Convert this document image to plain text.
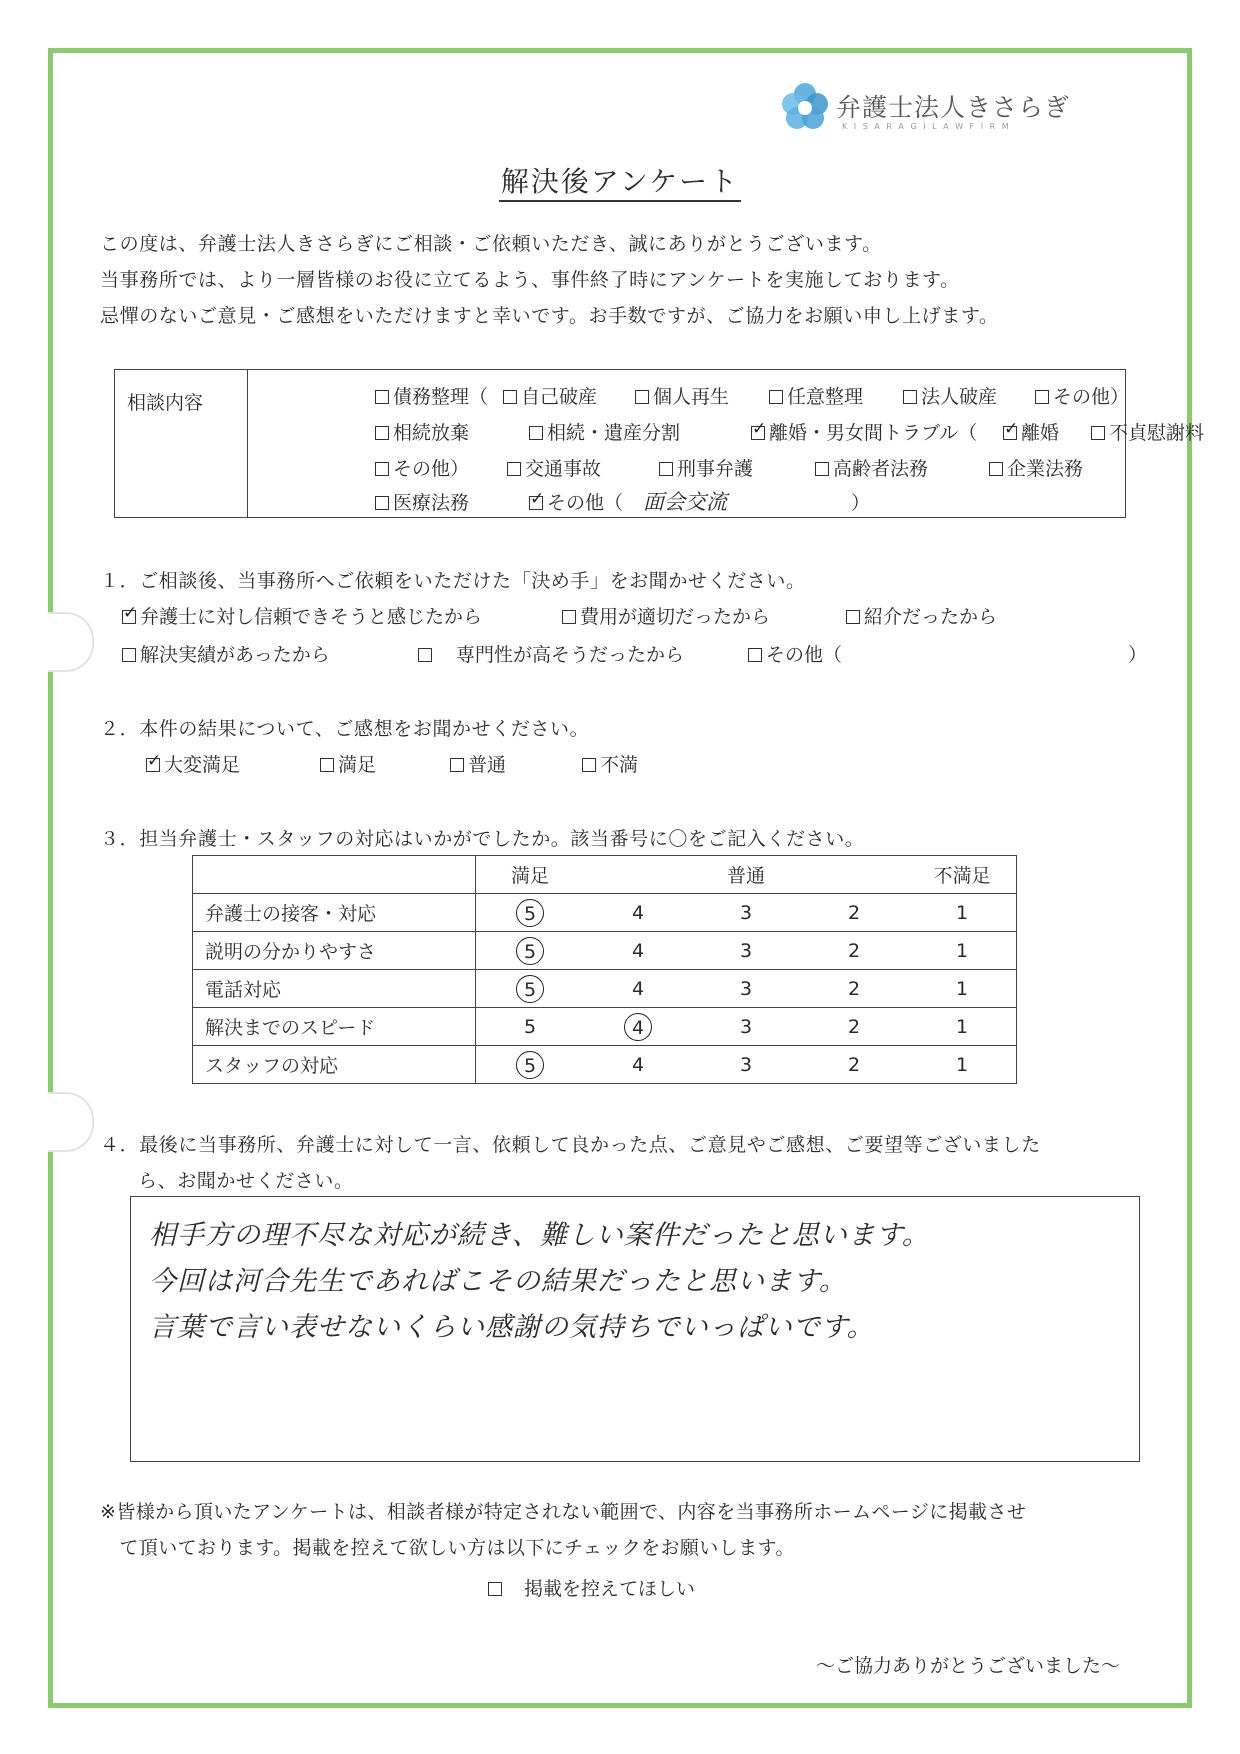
弁護士法人きさらぎ
K I S A R A G I L A W F I R M
解決後アンケート
この度は、弁護士法人きさらぎにご相談・ご依頼いただき、誠にありがとうございます。
当事務所では、より一層皆様のお役に立てるよう、事件終了時にアンケートを実施しております。
忌憚のないご意見・ご感想をいただけますと幸いです。お手数ですが、ご協力をお願い申し上げます。
相談内容	債務整理（	自己破産	個人再生	任意整理	法人破産	その他）
相続放棄	相続・遺産分割 ✓	離婚・男女間トラブル（ ✓	離婚	不貞慰謝料
その他）	交通事故	刑事弁護	高齢者法務	企業法務
医療法務 ✓	その他（ 面会交流	）
１．ご相談後、当事務所へご依頼をいただけた「決め手」をお聞かせください。
✓弁護士に対し信頼できそうと感じたから	費用が適切だったから	紹介だったから
解決実績があったから	専門性が高そうだったから	その他（	）
２．本件の結果について、ご感想をお聞かせください。
✓大変満足	満足	普通	不満
３．担当弁護士・スタッフの対応はいかがでしたか。該当番号に〇をご記入ください。
	満足		普通		不満足
弁護士の接客・対応	5	4	3	2	1
説明の分かりやすさ	5	4	3	2	1
電話対応	5	4	3	2	1
解決までのスピード	5	4	3	2	1
スタッフの対応	5	4	3	2	1
４．最後に当事務所、弁護士に対して一言、依頼して良かった点、ご意見やご感想、ご要望等ございました
ら、お聞かせください。
相手方の理不尽な対応が続き、難しい案件だったと思います。
今回は河合先生であればこその結果だったと思います。
言葉で言い表せないくらい感謝の気持ちでいっぱいです。
※皆様から頂いたアンケートは、相談者様が特定されない範囲で、内容を当事務所ホームページに掲載させ
　て頂いております。掲載を控えて欲しい方は以下にチェックをお願いします。
掲載を控えてほしい
～ご協力ありがとうございました～
